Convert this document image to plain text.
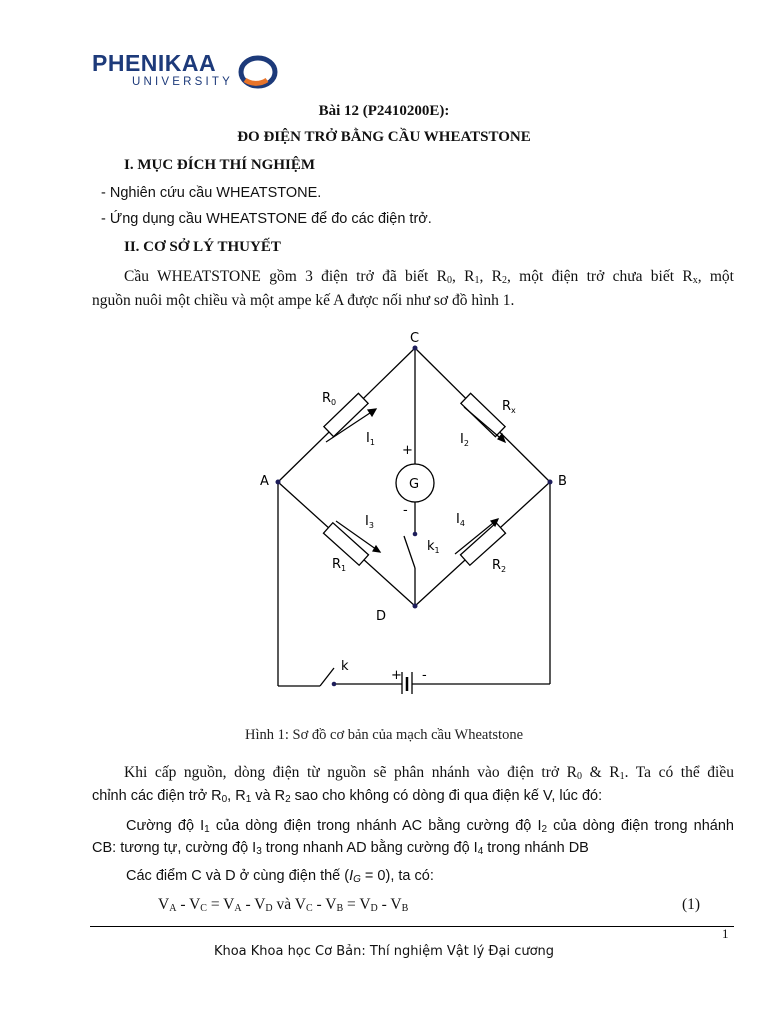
PHENIKAA
UNIVERSITY
Bài 12 (P2410200E):
ĐO ĐIỆN TRỞ BẰNG CẦU WHEATSTONE
I. MỤC ĐÍCH THÍ NGHIỆM
- Nghiên cứu cầu WHEATSTONE.
- Ứng dụng cầu WHEATSTONE để đo các điện trở.
II. CƠ SỞ LÝ THUYẾT
Cầu WHEATSTONE gồm 3 điện trở đã biết $R_0$, $R_1$, $R_2$, một điện trở chưa biết $R_x$, một
nguồn nuôi một chiều và một ampe kế A được nối như sơ đồ hình 1.
A
C
B
D
G
+
-
+ -
$R_0$	$R_x$
$R_1$	$R_2$
$I_1$	$I_2$
$I_3$	$I_4$
$k_1$
k
Hình 1: Sơ đồ cơ bản của mạch cầu Wheatstone
Khi cấp nguồn, dòng điện từ nguồn sẽ phân nhánh vào điện trở $R_0$ & $R_1$. Ta có thể điều
chỉnh các điện trở $R_0$, $R_1$ và $R_2$ sao cho không có dòng đi qua điện kế V, lúc đó:
Cường độ $I_1$ của dòng điện trong nhánh AC bằng cường độ $I_2$ của dòng điện trong nhánh
CB: tương tự, cường độ $I_3$ trong nhanh AD bằng cường độ $I_4$ trong nhánh DB
Các điểm C và D ở cùng điện thế $(I_G = 0)$, ta có:
$V_A - V_C = V_A - V_D$ và $V_C - V_B = V_D - V_B$	(1)
1
Khoa Khoa học Cơ Bản: Thí nghiệm Vật lý Đại cương
